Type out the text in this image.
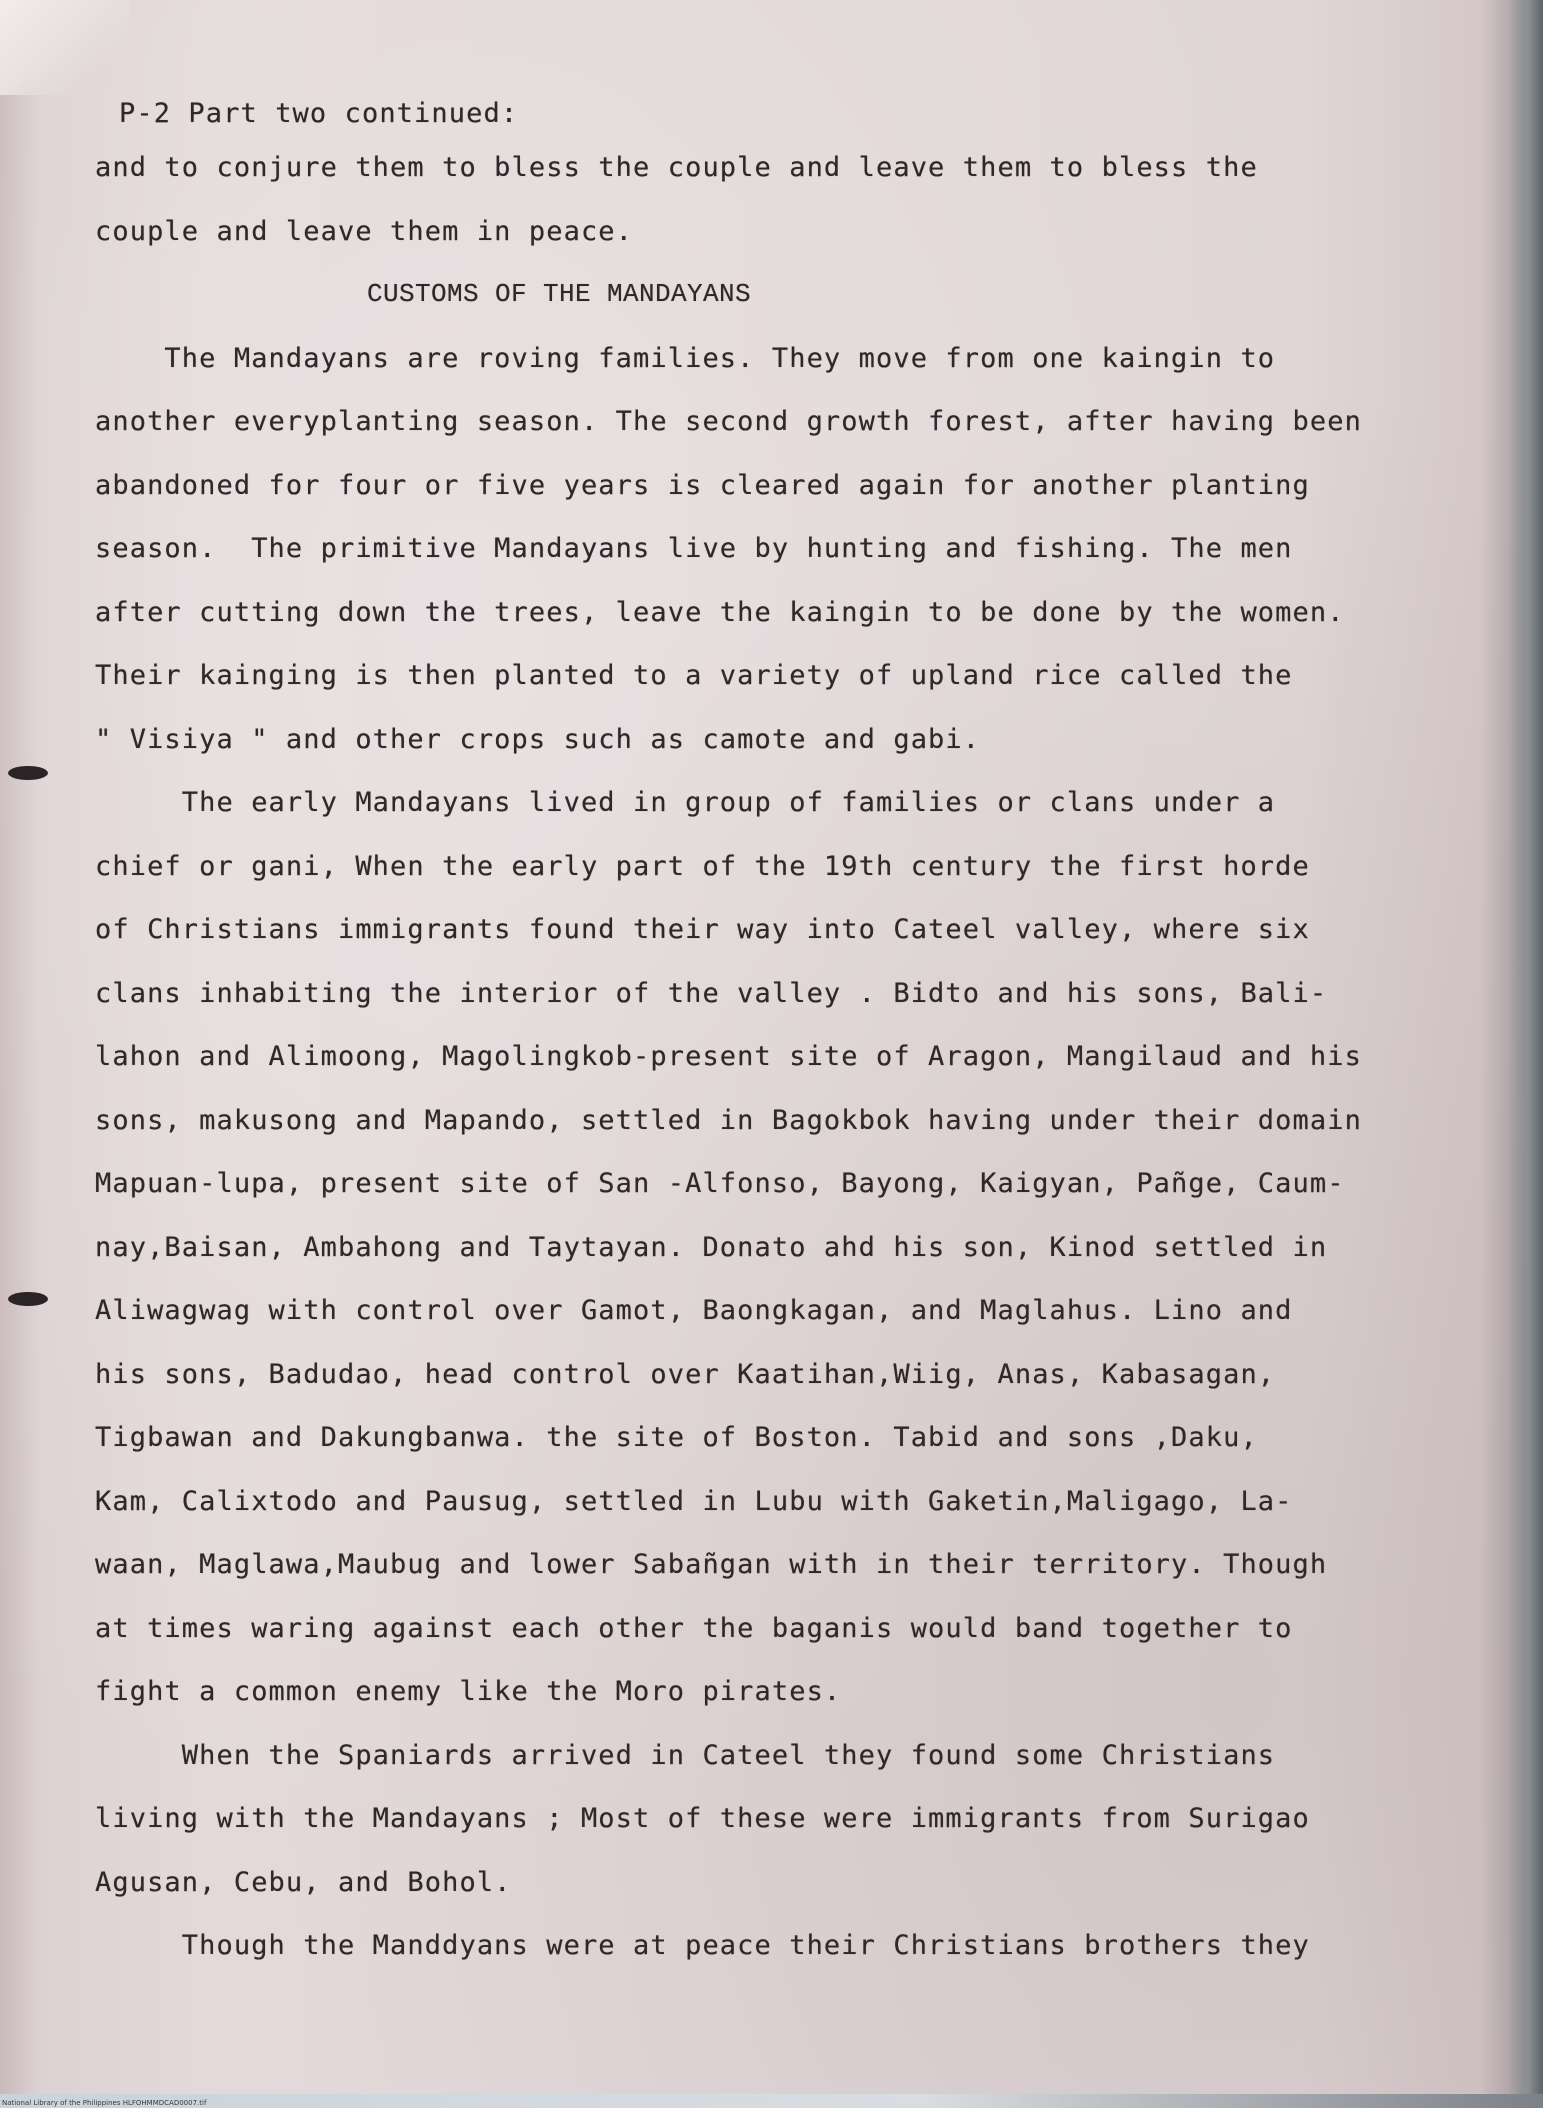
P-2 Part two continued:
and to conjure them to bless the couple and leave them to bless the
couple and leave them in peace.
CUSTOMS OF THE MANDAYANS
The Mandayans are roving families. They move from one kaingin to
another everyplanting season. The second growth forest, after having been
abandoned for four or five years is cleared again for another planting
season.  The primitive Mandayans live by hunting and fishing. The men
after cutting down the trees, leave the kaingin to be done by the women.
Their kainging is then planted to a variety of upland rice called the
" Visiya " and other crops such as camote and gabi.
The early Mandayans lived in group of families or clans under a
chief or gani, When the early part of the 19th century the first horde
of Christians immigrants found their way into Cateel valley, where six
clans inhabiting the interior of the valley . Bidto and his sons, Bali-
lahon and Alimoong, Magolingkob-present site of Aragon, Mangilaud and his
sons, makusong and Mapando, settled in Bagokbok having under their domain
Mapuan-lupa, present site of San -Alfonso, Bayong, Kaigyan, Pañge, Caum-
nay,Baisan, Ambahong and Taytayan. Donato ahd his son, Kinod settled in
Aliwagwag with control over Gamot, Baongkagan, and Maglahus. Lino and
his sons, Badudao, head control over Kaatihan,Wiig, Anas, Kabasagan,
Tigbawan and Dakungbanwa. the site of Boston. Tabid and sons ,Daku,
Kam, Calixtodo and Pausug, settled in Lubu with Gaketin,Maligago, La-
waan, Maglawa,Maubug and lower Sabañgan with in their territory. Though
at times waring against each other the baganis would band together to
fight a common enemy like the Moro pirates.
When the Spaniards arrived in Cateel they found some Christians
living with the Mandayans ; Most of these were immigrants from Surigao
Agusan, Cebu, and Bohol.
Though the Manddyans were at peace their Christians brothers they
National Library of the Philippines HLFOHMMDCAD0007.tif
